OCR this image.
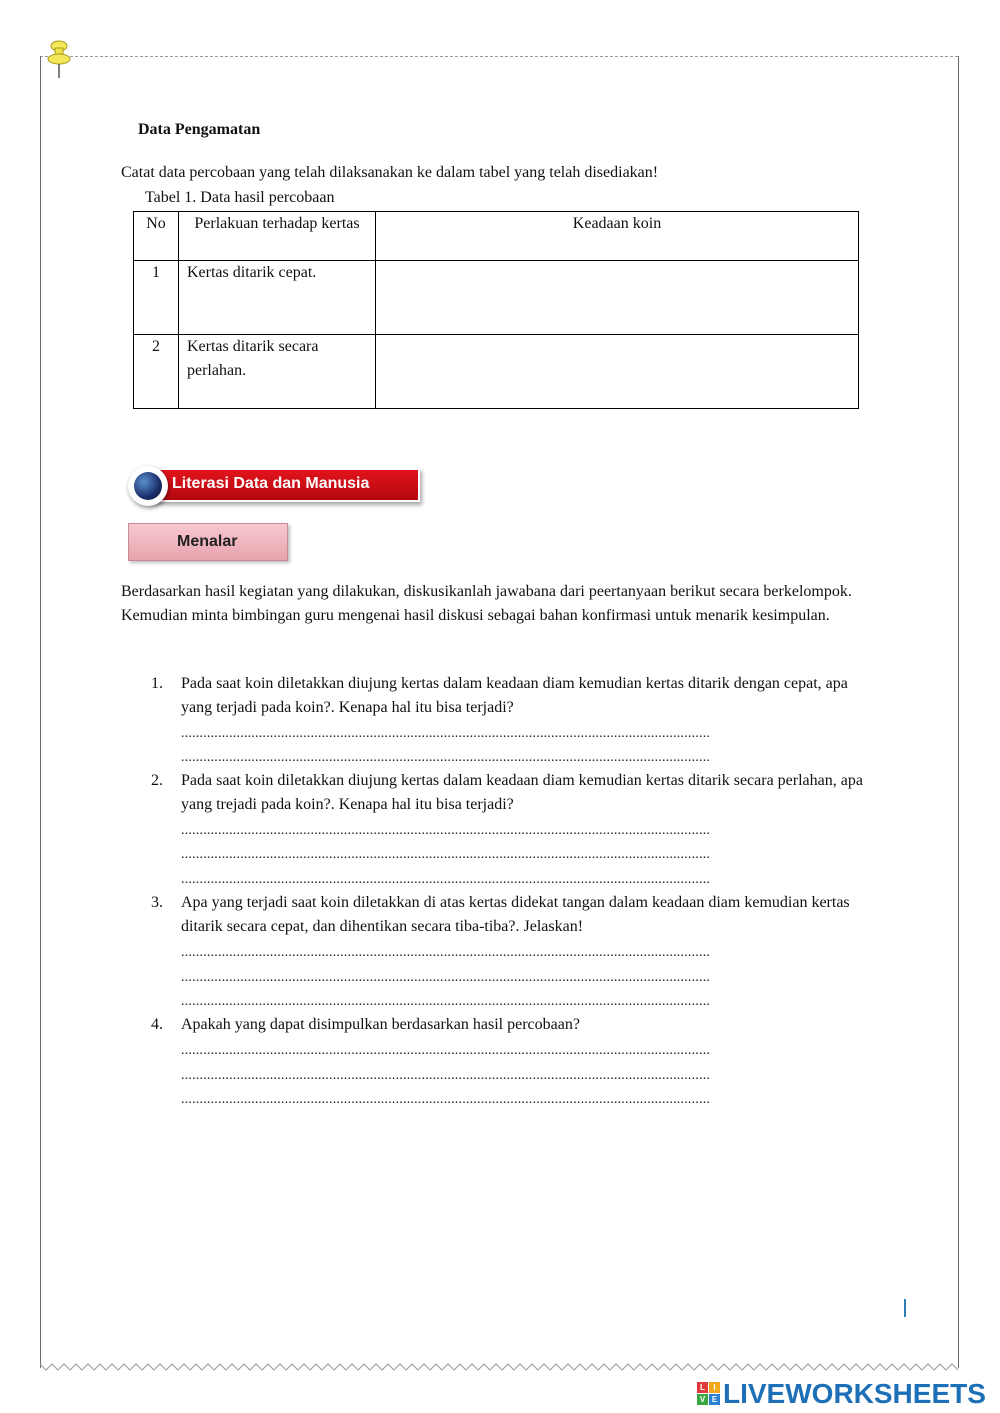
Data Pengamatan
Catat data percobaan yang telah dilaksanakan ke dalam tabel yang telah disediakan!
Tabel 1. Data hasil percobaan
No	Perlakuan terhadap kertas	Keadaan koin
1	Kertas ditarik cepat.	
2	Kertas ditarik secara perlahan.	
Literasi Data dan Manusia
Menalar
Berdasarkan hasil kegiatan yang dilakukan, diskusikanlah jawabana dari peertanyaan berikut secara berkelompok. Kemudian minta bimbingan guru mengenai hasil diskusi sebagai bahan konfirmasi untuk menarik kesimpulan.
1. Pada saat koin diletakkan diujung kertas dalam keadaan diam kemudian kertas ditarik dengan cepat, apa yang terjadi pada koin?. Kenapa hal itu bisa terjadi?
...............................................................................................................................................
...............................................................................................................................................
2. Pada saat koin diletakkan diujung kertas dalam keadaan diam kemudian kertas ditarik secara perlahan, apa yang trejadi pada koin?. Kenapa hal itu bisa terjadi?
...............................................................................................................................................
...............................................................................................................................................
...............................................................................................................................................
3. Apa yang terjadi saat koin diletakkan di atas kertas didekat tangan dalam keadaan diam kemudian kertas ditarik secara cepat, dan dihentikan secara tiba-tiba?. Jelaskan!
...............................................................................................................................................
...............................................................................................................................................
...............................................................................................................................................
4. Apakah yang dapat disimpulkan berdasarkan hasil percobaan?
...............................................................................................................................................
...............................................................................................................................................
...............................................................................................................................................
L	I
V E LIVEWORKSHEETS
